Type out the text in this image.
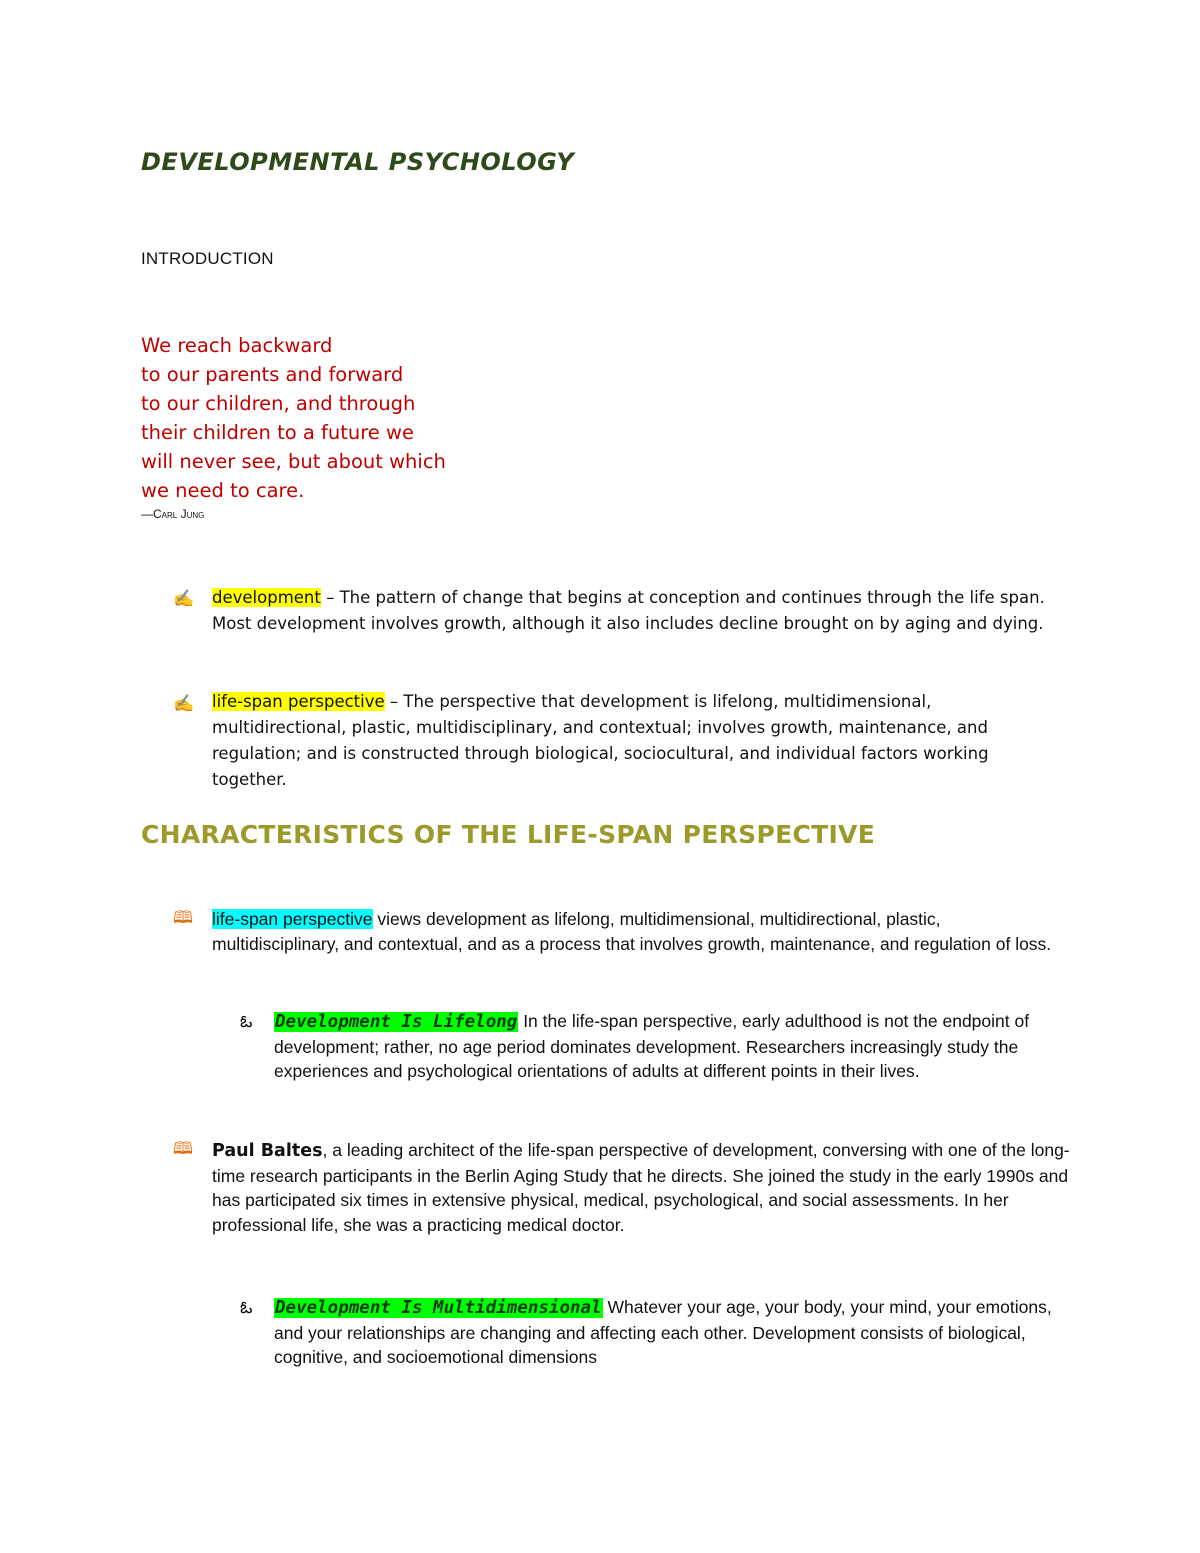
DEVELOPMENTAL PSYCHOLOGY

INTRODUCTION

We reach backward
to our parents and forward
to our children, and through
their children to a future we
will never see, but about which
we need to care.

—Carl Jung

✍ development – The pattern of change that begins at conception and continues through the life span. Most development involves growth, although it also includes decline brought on by aging and dying.

✍ life-span perspective – The perspective that development is lifelong, multidimensional, multidirectional, plastic, multidisciplinary, and contextual; involves growth, maintenance, and regulation; and is constructed through biological, sociocultural, and individual factors working together.

CHARACTERISTICS OF THE LIFE-SPAN PERSPECTIVE
🕮 life-span perspective views development as lifelong, multidimensional, multidirectional, plastic, multidisciplinary, and contextual, and as a process that involves growth, maintenance, and regulation of loss.

ఓ Development Is Lifelong In the life-span perspective, early adulthood is not the endpoint of development; rather, no age period dominates development. Researchers increasingly study the experiences and psychological orientations of adults at different points in their lives.

🕮 Paul Baltes, a leading architect of the life-span perspective of development, conversing with one of the long-time research participants in the Berlin Aging Study that he directs. She joined the study in the early 1990s and has participated six times in extensive physical, medical, psychological, and social assessments. In her professional life, she was a practicing medical doctor.

ఓ Development Is Multidimensional Whatever your age, your body, your mind, your emotions, and your relationships are changing and affecting each other. Development consists of biological, cognitive, and socioemotional dimensions
